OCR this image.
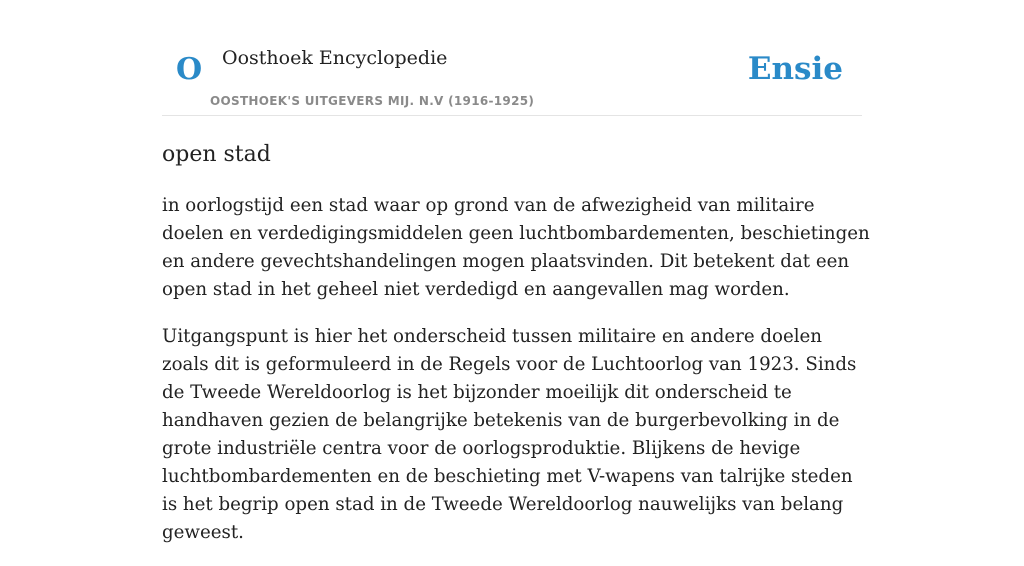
O Oosthoek Encyclopedie
OOSTHOEK'S UITGEVERS MIJ. N.V (1916-1925)
Ensie
open stad

in oorlogstijd een stad waar op grond van de afwezigheid van militaire doelen en verdedigingsmiddelen geen luchtbombardementen, beschietingen en andere gevechtshandelingen mogen plaatsvinden. Dit betekent dat een open stad in het geheel niet verdedigd en aangevallen mag worden.

Uitgangspunt is hier het onderscheid tussen militaire en andere doelen zoals dit is geformuleerd in de Regels voor de Luchtoorlog van 1923. Sinds de Tweede Wereldoorlog is het bijzonder moeilijk dit onderscheid te handhaven gezien de belangrijke betekenis van de burgerbevolking in de grote industriële centra voor de oorlogsproduktie. Blijkens de hevige luchtbombardementen en de beschieting met V-wapens van talrijke steden is het begrip open stad in de Tweede Wereldoorlog nauwelijks van belang geweest.
